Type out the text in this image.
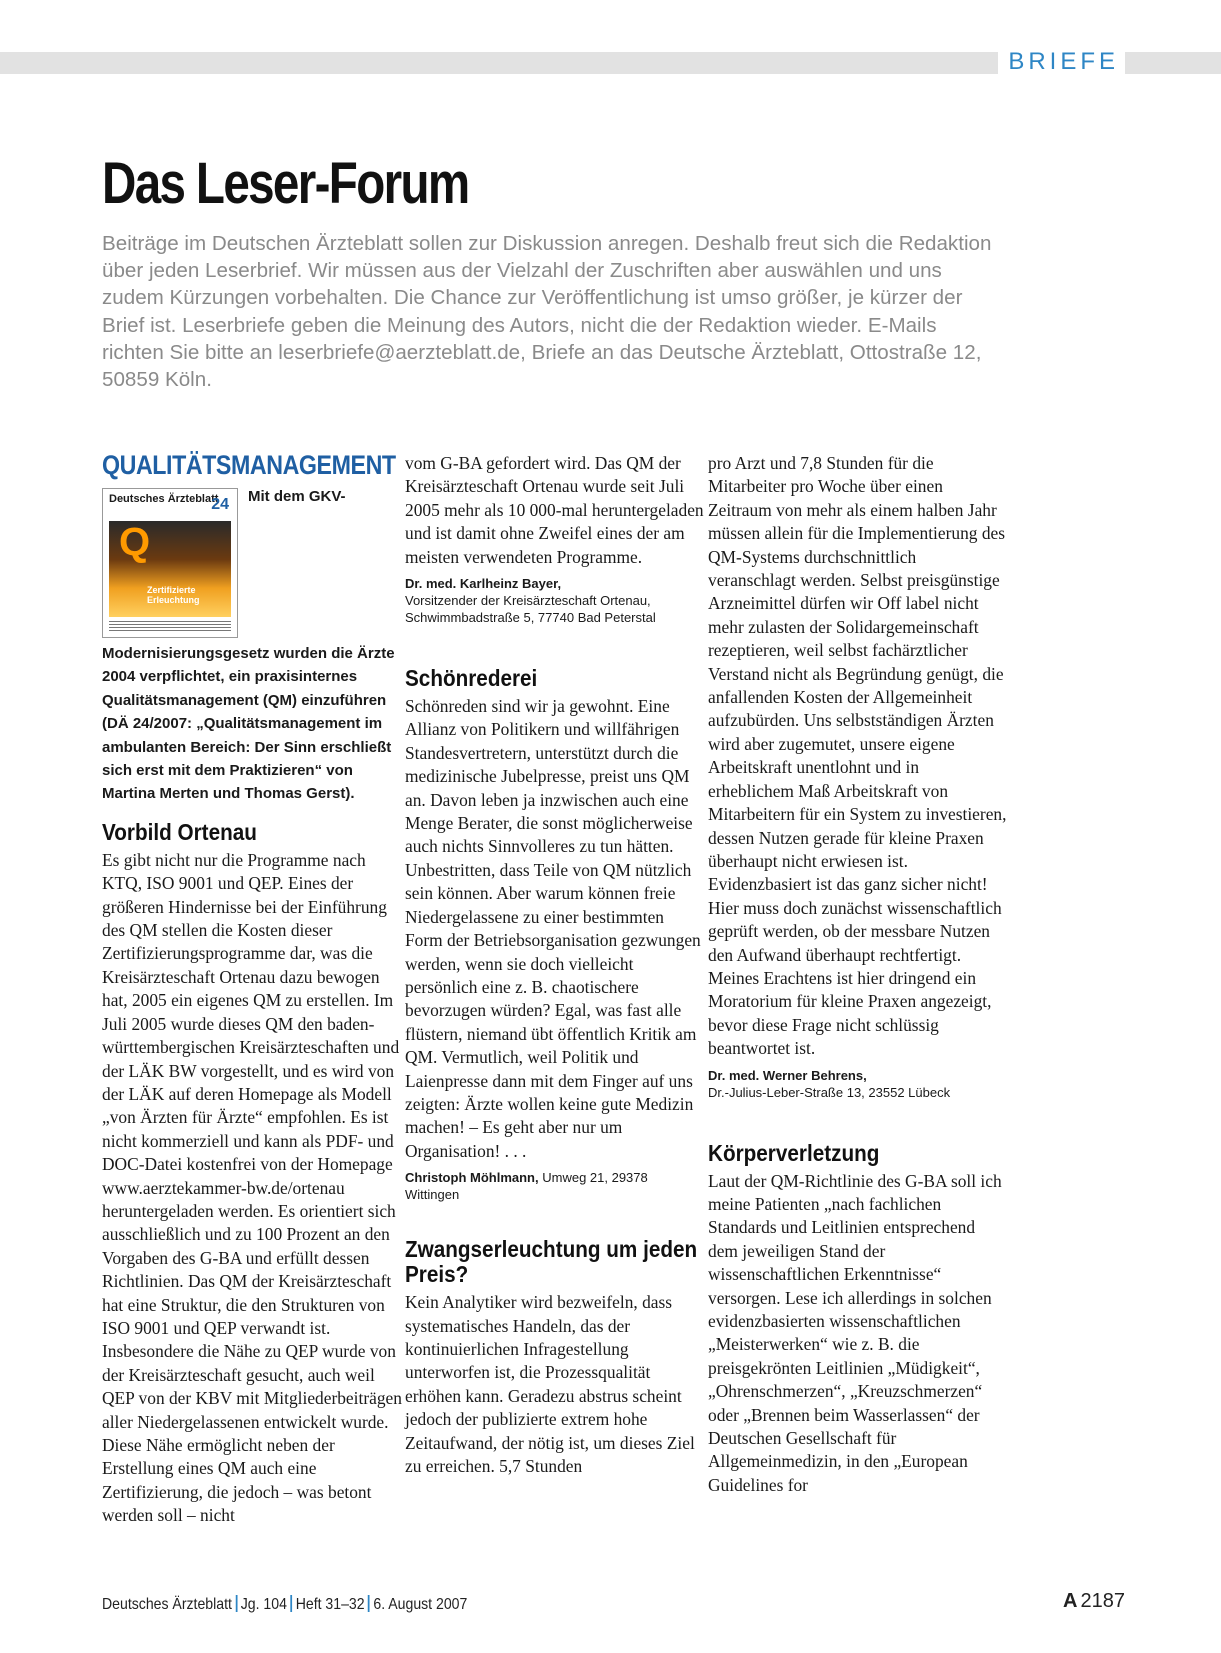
BRIEFE
Das Leser-Forum

Beiträge im Deutschen Ärzteblatt sollen zur Diskussion anregen. Deshalb freut sich die Redaktion über jeden Leserbrief. Wir müssen aus der Vielzahl der Zuschriften aber auswählen und uns zudem Kürzungen vorbehalten. Die Chance zur Veröffentlichung ist umso größer, je kürzer der Brief ist. Leserbriefe geben die Meinung des Autors, nicht die der Redaktion wieder. E-Mails richten Sie bitte an leserbriefe@aerzteblatt.de, Briefe an das Deutsche Ärzteblatt, Ottostraße 12, 50859 Köln.

QUALITÄTSMANAGEMENT
Deutsches Ärzteblatt
24
Q
Zertifizierte Erleuchtung
Mit dem GKV-Modernisierungsgesetz wurden die Ärzte 2004 verpflichtet, ein praxisinternes Qualitätsmanagement (QM) einzuführen (DÄ 24/2007: „Qualitätsmanagement im ambulanten Bereich: Der Sinn erschließt sich erst mit dem Praktizieren“ von Martina Merten und Thomas Gerst).
Vorbild Ortenau

Es gibt nicht nur die Programme nach KTQ, ISO 9001 und QEP. Eines der größeren Hindernisse bei der Einführung des QM stellen die Kosten dieser Zertifizierungsprogramme dar, was die Kreisärzteschaft Ortenau dazu bewogen hat, 2005 ein eigenes QM zu erstellen. Im Juli 2005 wurde dieses QM den baden-württembergischen Kreisärzteschaften und der LÄK BW vorgestellt, und es wird von der LÄK auf deren Homepage als Modell „von Ärzten für Ärzte“ empfohlen. Es ist nicht kommerziell und kann als PDF- und DOC-Datei kostenfrei von der Homepage www.aerztekammer-bw.de/ortenau heruntergeladen werden. Es orientiert sich ausschließlich und zu 100 Prozent an den Vorgaben des G-BA und erfüllt dessen Richtlinien. Das QM der Kreisärzteschaft hat eine Struktur, die den Strukturen von ISO 9001 und QEP verwandt ist. Insbesondere die Nähe zu QEP wurde von der Kreisärzteschaft gesucht, auch weil QEP von der KBV mit Mitgliederbeiträgen aller Niedergelassenen entwickelt wurde. Diese Nähe ermöglicht neben der Erstellung eines QM auch eine Zertifizierung, die jedoch – was betont werden soll – nicht

vom G-BA gefordert wird. Das QM der Kreisärzteschaft Ortenau wurde seit Juli 2005 mehr als 10 000-mal heruntergeladen und ist damit ohne Zweifel eines der am meisten verwendeten Programme.

Dr. med. Karlheinz Bayer,
Vorsitzender der Kreisärzteschaft Ortenau,
Schwimmbadstraße 5, 77740 Bad Peterstal
Schönrederei

Schönreden sind wir ja gewohnt. Eine Allianz von Politikern und willfährigen Standesvertretern, unterstützt durch die medizinische Jubelpresse, preist uns QM an. Davon leben ja inzwischen auch eine Menge Berater, die sonst möglicherweise auch nichts Sinnvolleres zu tun hätten. Unbestritten, dass Teile von QM nützlich sein können. Aber warum können freie Niedergelassene zu einer bestimmten Form der Betriebsorganisation gezwungen werden, wenn sie doch vielleicht persönlich eine z. B. chaotischere bevorzugen würden? Egal, was fast alle flüstern, niemand übt öffentlich Kritik am QM. Vermutlich, weil Politik und Laienpresse dann mit dem Finger auf uns zeigten: Ärzte wollen keine gute Medizin machen! – Es geht aber nur um Organisation! . . .

Christoph Möhlmann, Umweg 21, 29378 Wittingen
Zwangserleuchtung um jeden Preis?

Kein Analytiker wird bezweifeln, dass systematisches Handeln, das der kontinuierlichen Infragestellung unterworfen ist, die Prozessqualität erhöhen kann. Geradezu abstrus scheint jedoch der publizierte extrem hohe Zeitaufwand, der nötig ist, um dieses Ziel zu erreichen. 5,7 Stunden

pro Arzt und 7,8 Stunden für die Mitarbeiter pro Woche über einen Zeitraum von mehr als einem halben Jahr müssen allein für die Implementierung des QM-Systems durchschnittlich veranschlagt werden. Selbst preisgünstige Arzneimittel dürfen wir Off label nicht mehr zulasten der Solidargemeinschaft rezeptieren, weil selbst fachärztlicher Verstand nicht als Begründung genügt, die anfallenden Kosten der Allgemeinheit aufzubürden. Uns selbstständigen Ärzten wird aber zugemutet, unsere eigene Arbeitskraft unentlohnt und in erheblichem Maß Arbeitskraft von Mitarbeitern für ein System zu investieren, dessen Nutzen gerade für kleine Praxen überhaupt nicht erwiesen ist. Evidenzbasiert ist das ganz sicher nicht! Hier muss doch zunächst wissenschaftlich geprüft werden, ob der messbare Nutzen den Aufwand überhaupt rechtfertigt. Meines Erachtens ist hier dringend ein Moratorium für kleine Praxen angezeigt, bevor diese Frage nicht schlüssig beantwortet ist.

Dr. med. Werner Behrens,
Dr.-Julius-Leber-Straße 13, 23552 Lübeck
Körperverletzung

Laut der QM-Richtlinie des G-BA soll ich meine Patienten „nach fachlichen Standards und Leitlinien entsprechend dem jeweiligen Stand der wissenschaftlichen Erkenntnisse“ versorgen. Lese ich allerdings in solchen evidenzbasierten wissenschaftlichen „Meisterwerken“ wie z. B. die preisgekrönten Leitlinien „Müdigkeit“, „Ohrenschmerzen“, „Kreuzschmerzen“ oder „Brennen beim Wasserlassen“ der Deutschen Gesellschaft für Allgemeinmedizin, in den „European Guidelines for

Deutsches Ärzteblatt Jg. 104 Heft 31–32 6. August 2007	A 2187
